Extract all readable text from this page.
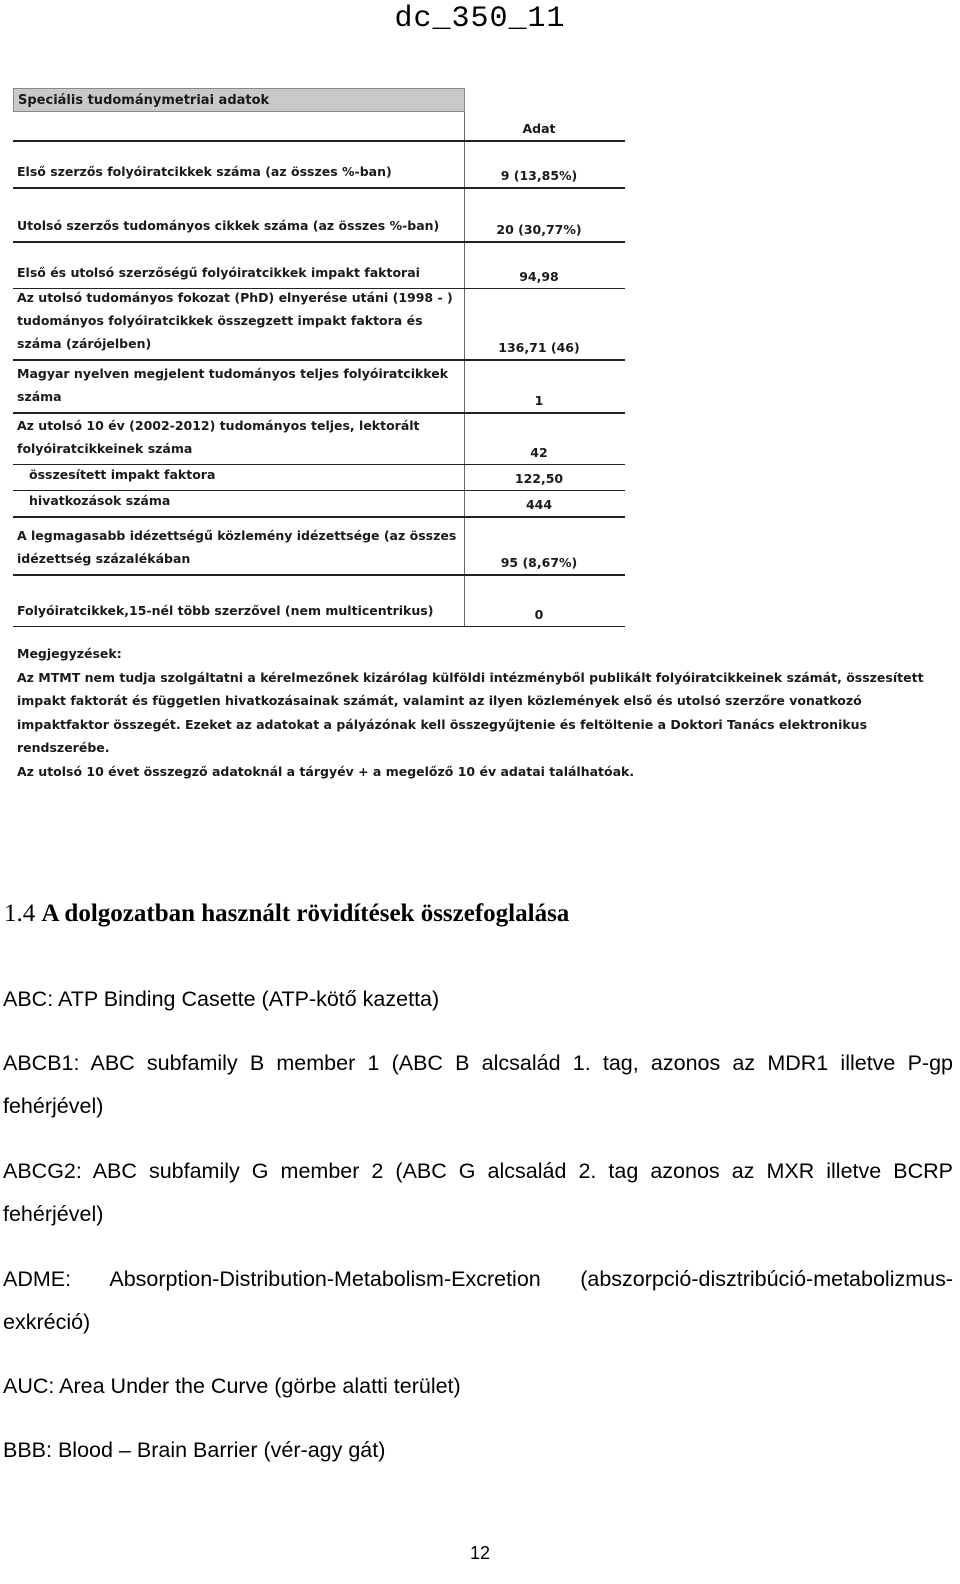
dc_350_11
Speciális tudománymetriai adatok
Adat
Első szerzős folyóiratcikkek száma (az összes %-ban)	9 (13,85%)
Utolsó szerzős tudományos cikkek száma (az összes %-ban)	20 (30,77%)
Első és utolsó szerzőségű folyóiratcikkek impakt faktorai	94,98
Az utolsó tudományos fokozat (PhD) elnyerése utáni (1998 - ) tudományos folyóiratcikkek összegzett impakt faktora és száma (zárójelben)	136,71 (46)
Magyar nyelven megjelent tudományos teljes folyóiratcikkek száma	1
Az utolsó 10 év (2002-2012) tudományos teljes, lektorált folyóiratcikkeinek száma	42
összesített impakt faktora	122,50
hivatkozások száma	444
A legmagasabb idézettségű közlemény idézettsége (az összes idézettség százalékában	95 (8,67%)
Folyóiratcikkek,15-nél több szerzővel (nem multicentrikus)	0

Megjegyzések:

Az MTMT nem tudja szolgáltatni a kérelmezőnek kizárólag külföldi intézményből publikált folyóiratcikkeinek számát, összesített impakt faktorát és független hivatkozásainak számát, valamint az ilyen közlemények első és utolsó szerzőre vonatkozó impaktfaktor összegét. Ezeket az adatokat a pályázónak kell összegyűjtenie és feltöltenie a Doktori Tanács elektronikus rendszerébe.

Az utolsó 10 évet összegző adatoknál a tárgyév + a megelőző 10 év adatai találhatóak.

1.4 A dolgozatban használt rövidítések összefoglalása
ABC: ATP Binding Casette (ATP-kötő kazetta)
ABCB1: ABC subfamily B member 1 (ABC B alcsalád 1. tag, azonos az MDR1 illetve P-gp fehérjével)
ABCG2: ABC subfamily G member 2 (ABC G alcsalád 2. tag azonos az MXR illetve BCRP fehérjével)
ADME: Absorption-Distribution-Metabolism-Excretion (abszorpció-disztribúció-metabolizmus-exkréció)
AUC: Area Under the Curve (görbe alatti terület)
BBB: Blood – Brain Barrier (vér-agy gát)
12
